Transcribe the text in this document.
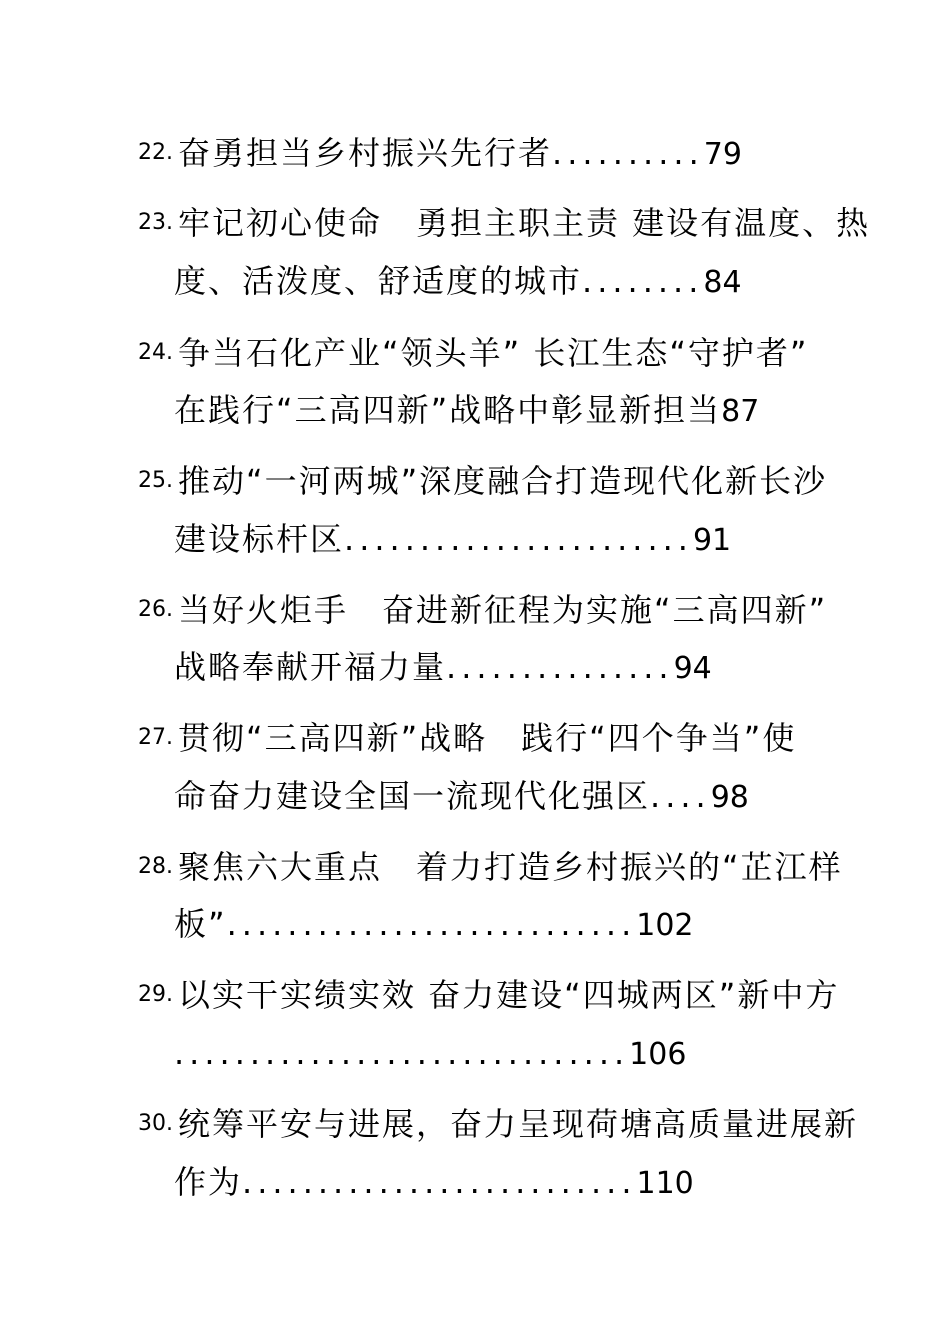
22. 奋勇担当乡村振兴先行者..........79
23. 牢记初心使命　勇担主职主责 建设有温度、热
度、活泼度、舒适度的城市........84
24. 争当石化产业“领头羊” 长江生态“守护者”
在践行“三高四新”战略中彰显新担当87
25. 推动“一河两城”深度融合打造现代化新长沙
建设标杆区.......................91
26. 当好火炬手　奋进新征程为实施“三高四新”
战略奉献开福力量...............94
27. 贯彻“三高四新”战略　践行“四个争当”使
命奋力建设全国一流现代化强区....98
28. 聚焦六大重点　着力打造乡村振兴的“芷江样
板”...........................102
29. 以实干实绩实效 奋力建设“四城两区”新中方
..............................106
30. 统筹平安与进展，奋力呈现荷塘高质量进展新
作为..........................110
